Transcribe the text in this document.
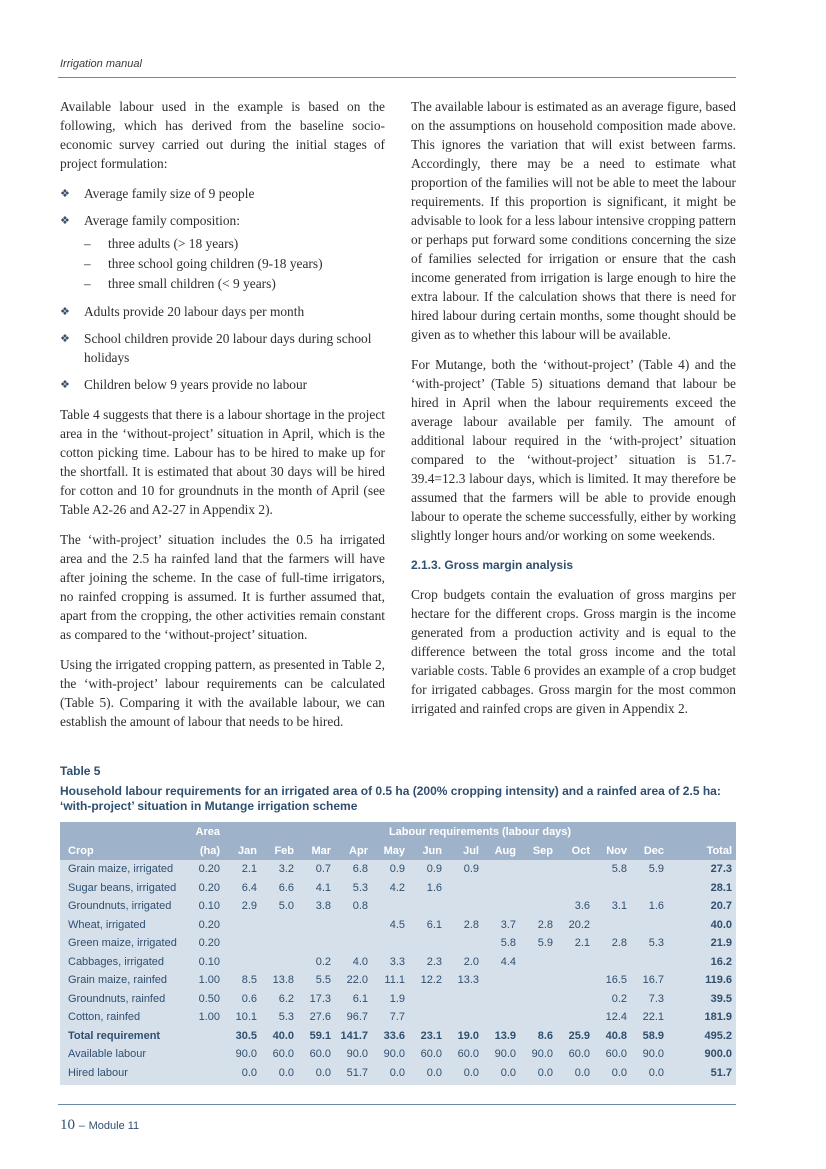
Irrigation manual

Available labour used in the example is based on the following, which has derived from the baseline socio-economic survey carried out during the initial stages of project formulation:

❖ Average family size of 9 people
❖ Average family composition:
– three adults (> 18 years)
– three school going children (9-18 years)
– three small children (< 9 years)
❖ Adults provide 20 labour days per month
❖ School children provide 20 labour days during school holidays
❖ Children below 9 years provide no labour

Table 4 suggests that there is a labour shortage in the project area in the ‘without-project’ situation in April, which is the cotton picking time. Labour has to be hired to make up for the shortfall. It is estimated that about 30 days will be hired for cotton and 10 for groundnuts in the month of April (see Table A2-26 and A2-27 in Appendix 2).

The ‘with-project’ situation includes the 0.5 ha irrigated area and the 2.5 ha rainfed land that the farmers will have after joining the scheme. In the case of full-time irrigators, no rainfed cropping is assumed. It is further assumed that, apart from the cropping, the other activities remain constant as compared to the ‘without-project’ situation.

Using the irrigated cropping pattern, as presented in Table 2, the ‘with-project’ labour requirements can be calculated (Table 5). Comparing it with the available labour, we can establish the amount of labour that needs to be hired.

The available labour is estimated as an average figure, based on the assumptions on household composition made above. This ignores the variation that will exist between farms. Accordingly, there may be a need to estimate what proportion of the families will not be able to meet the labour requirements. If this proportion is significant, it might be advisable to look for a less labour intensive cropping pattern or perhaps put forward some conditions concerning the size of families selected for irrigation or ensure that the cash income generated from irrigation is large enough to hire the extra labour. If the calculation shows that there is need for hired labour during certain months, some thought should be given as to whether this labour will be available.

For Mutange, both the ‘without-project’ (Table 4) and the ‘with-project’ (Table 5) situations demand that labour be hired in April when the labour requirements exceed the average labour available per family. The amount of additional labour required in the ‘with-project’ situation compared to the ‘without-project’ situation is 51.7-39.4=12.3 labour days, which is limited. It may therefore be assumed that the farmers will be able to provide enough labour to operate the scheme successfully, either by working slightly longer hours and/or working on some weekends.

2.1.3. Gross margin analysis

Crop budgets contain the evaluation of gross margins per hectare for the different crops. Gross margin is the income generated from a production activity and is equal to the difference between the total gross income and the total variable costs. Table 6 provides an example of a crop budget for irrigated cabbages. Gross margin for the most common irrigated and rainfed crops are given in Appendix 2.

Table 5
Household labour requirements for an irrigated area of 0.5 ha (200% cropping intensity) and a rainfed area of 2.5 ha: ‘with-project’ situation in Mutange irrigation scheme
	Area	Labour requirements (labour days)												
Crop	(ha)	Jan	Feb	Mar	Apr	May	Jun	Jul	Aug	Sep	Oct	Nov	Dec	Total
Grain maize, irrigated	0.20	2.1	3.2	0.7	6.8	0.9	0.9	0.9				5.8	5.9	27.3
Sugar beans, irrigated	0.20	6.4	6.6	4.1	5.3	4.2	1.6							28.1
Groundnuts, irrigated	0.10	2.9	5.0	3.8	0.8						3.6	3.1	1.6	20.7
Wheat, irrigated	0.20					4.5	6.1	2.8	3.7	2.8	20.2			40.0
Green maize, irrigated	0.20								5.8	5.9	2.1	2.8	5.3	21.9
Cabbages, irrigated	0.10			0.2	4.0	3.3	2.3	2.0	4.4					16.2
Grain maize, rainfed	1.00	8.5	13.8	5.5	22.0	11.1	12.2	13.3				16.5	16.7	119.6
Groundnuts, rainfed	0.50	0.6	6.2	17.3	6.1	1.9						0.2	7.3	39.5
Cotton, rainfed	1.00	10.1	5.3	27.6	96.7	7.7						12.4	22.1	181.9
Total requirement		30.5	40.0	59.1	141.7	33.6	23.1	19.0	13.9	8.6	25.9	40.8	58.9	495.2
Available labour		90.0	60.0	60.0	90.0	90.0	60.0	60.0	90.0	90.0	60.0	60.0	90.0	900.0
Hired labour		0.0	0.0	0.0	51.7	0.0	0.0	0.0	0.0	0.0	0.0	0.0	0.0	51.7
10 – Module 11
